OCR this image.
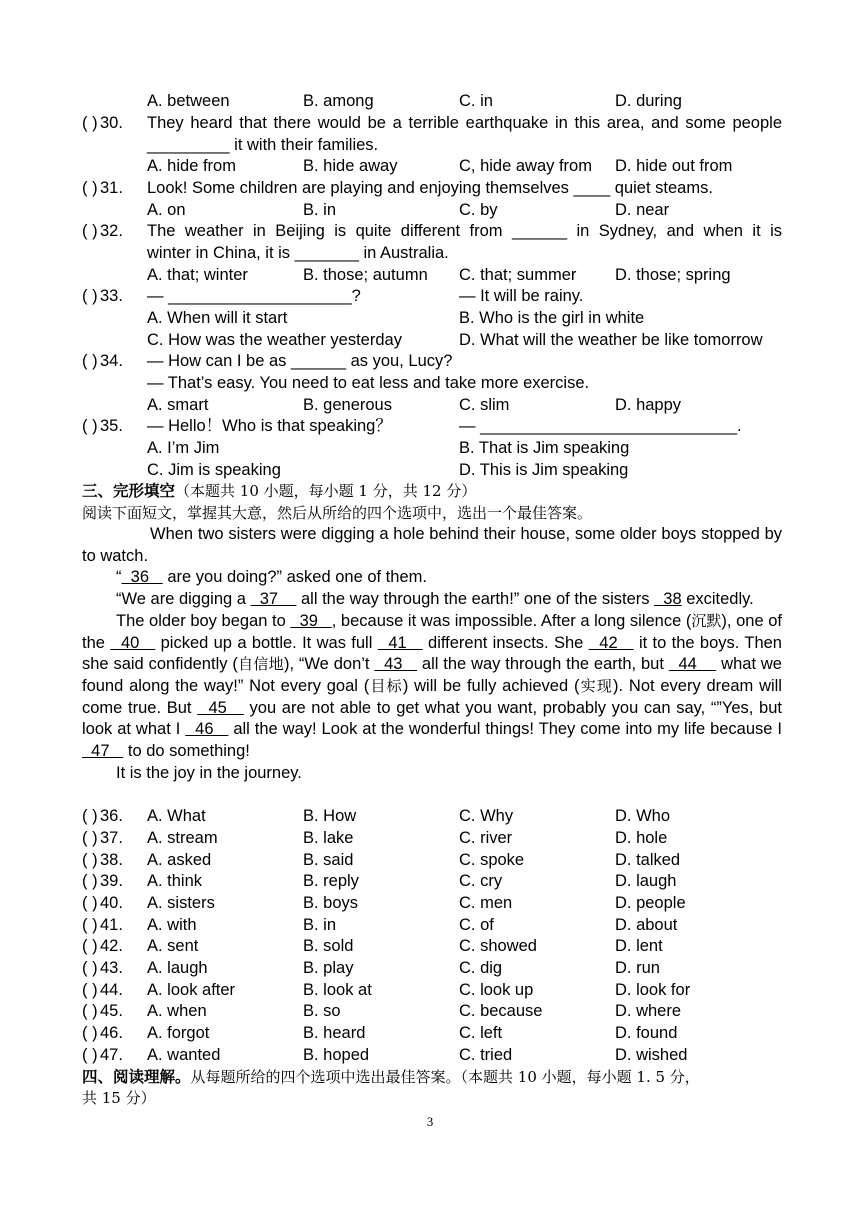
A. between	B. among	C. in	D. during
( ) 30. They heard that there would be a terrible earthquake in this area, and some people
_________ it with their families.
A. hide from	B. hide away	C, hide away from D. hide out from
( ) 31. Look! Some children are playing and enjoying themselves ____ quiet steams.
A. on	B. in	C. by	D. near
( ) 32. The weather in Beijing is quite different from ______ in Sydney, and when it is
winter in China, it is _______ in Australia.
A. that; winter	B. those; autumn C. that; summer D. those; spring
( ) 33. — ____________________?	— It will be rainy.
A. When will it start	B. Who is the girl in white
C. How was the weather yesterday	D. What will the weather be like tomorrow
( ) 34. — How can I be as ______ as you, Lucy?
— That’s easy. You need to eat less and take more exercise.
A. smart	B. generous	C. slim	D. happy
( ) 35. — Hello！Who is that speaking？	— ____________________________.
A. I’m Jim	B. That is Jim speaking
C. Jim is speaking	D. This is Jim speaking
三、完形填空（本题共 10 小题，每小题 1 分，共 12 分）
阅读下面短文，掌握其大意，然后从所给的四个选项中，选出一个最佳答案。
When two sisters were digging a hole behind their house, some older boys stopped by to watch.
“  36    are you doing?” asked one of them.
“We are digging a   37     all the way through the earth!” one of the sisters   38 excitedly.
The older boy began to   39   , because it was impossible. After a long silence (沉默), one of the   40    picked up a bottle. It was full   41    different insects. She   42    it to the boys. Then she said confidently (自信地), “We don’t   43    all the way through the earth, but   44     what we found along the way!” Not every goal (目标) will be fully achieved (实现). Not every dream will come true. But   45    you are not able to get what you want, probably you can say, “”Yes, but look at what I   46    all the way! Look at the wonderful things! They come into my life because I   47    to do something!
It is the joy in the journey.
( ) 36. A. What	B. How	C. Why	D. Who
( ) 37. A. stream	B. lake	C. river	D. hole
( ) 38. A. asked	B. said	C. spoke	D. talked
( ) 39. A. think	B. reply	C. cry	D. laugh
( ) 40. A. sisters	B. boys	C. men	D. people
( ) 41. A. with	B. in	C. of	D. about
( ) 42. A. sent	B. sold	C. showed	D. lent
( ) 43. A. laugh	B. play	C. dig	D. run
( ) 44. A. look after	B. look at	C. look up	D. look for
( ) 45. A. when	B. so	C. because	D. where
( ) 46. A. forgot	B. heard	C. left	D. found
( ) 47. A. wanted	B. hoped	C. tried	D. wished
四、阅读理解。从每题所给的四个选项中选出最佳答案。（本题共 10 小题，每小题 1. 5 分，
共 15 分）
3
